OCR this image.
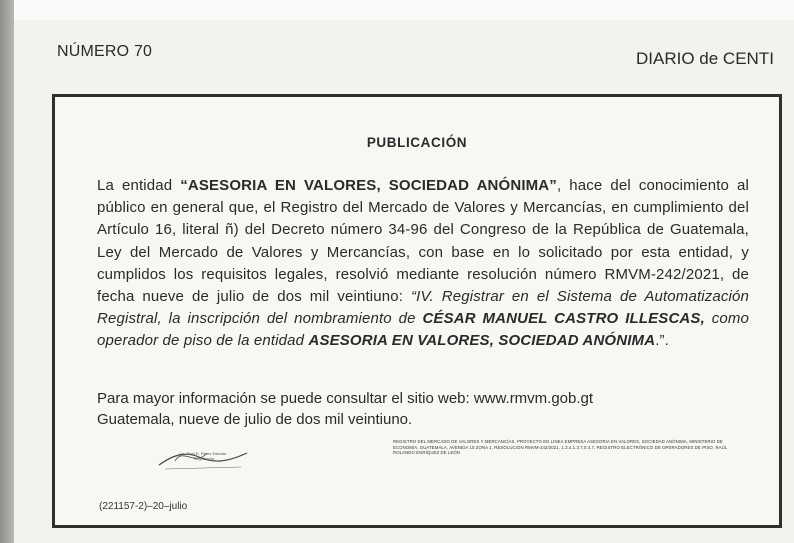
NÚMERO 70	DIARIO de CENTI
PUBLICACIÓN
La entidad “ASESORIA EN VALORES, SOCIEDAD ANÓNIMA”, hace del conocimiento al público en general que, el Registro del Mercado de Valores y Mercancías, en cumplimiento del Artículo 16, literal ñ) del Decreto número 34-96 del Congreso de la República de Guatemala, Ley del Mercado de Valores y Mercancías, con base en lo solicitado por esta entidad, y cumplidos los requisitos legales, resolvió mediante resolución número RMVM-242/2021, de fecha nueve de julio de dos mil veintiuno: “IV. Registrar en el Sistema de Automatización Registral, la inscripción del nombramiento de CÉSAR MANUEL CASTRO ILLESCAS, como operador de piso de la entidad ASESORIA EN VALORES, SOCIEDAD ANÓNIMA.”.
Para mayor información se puede consultar el sitio web: www.rmvm.gob.gt
Guatemala, nueve de julio de dos mil veintiuno.
Lic. Raúl E. Pérez Estrada · Registrador
REGISTRO DEL MERCADO DE VALORES Y MERCANCÍAS, PROYECTO EN LINEA EMPRESA ASESORIA EN VALORES, SOCIEDAD ANÓNIMA, MINISTERIO DE ECONOMÍA, GUATEMALA, AVENIDA 10 ZONA 1, RESOLUCIÓN RMVM-242/2021, 1.3.4.1.3.7.0.4.7, REGISTRO ELECTRÓNICO DE OPERADORES DE PISO, RAÚL ROLANDO ENRÍQUEZ DE LEÓN
(221157-2)–20–julio
